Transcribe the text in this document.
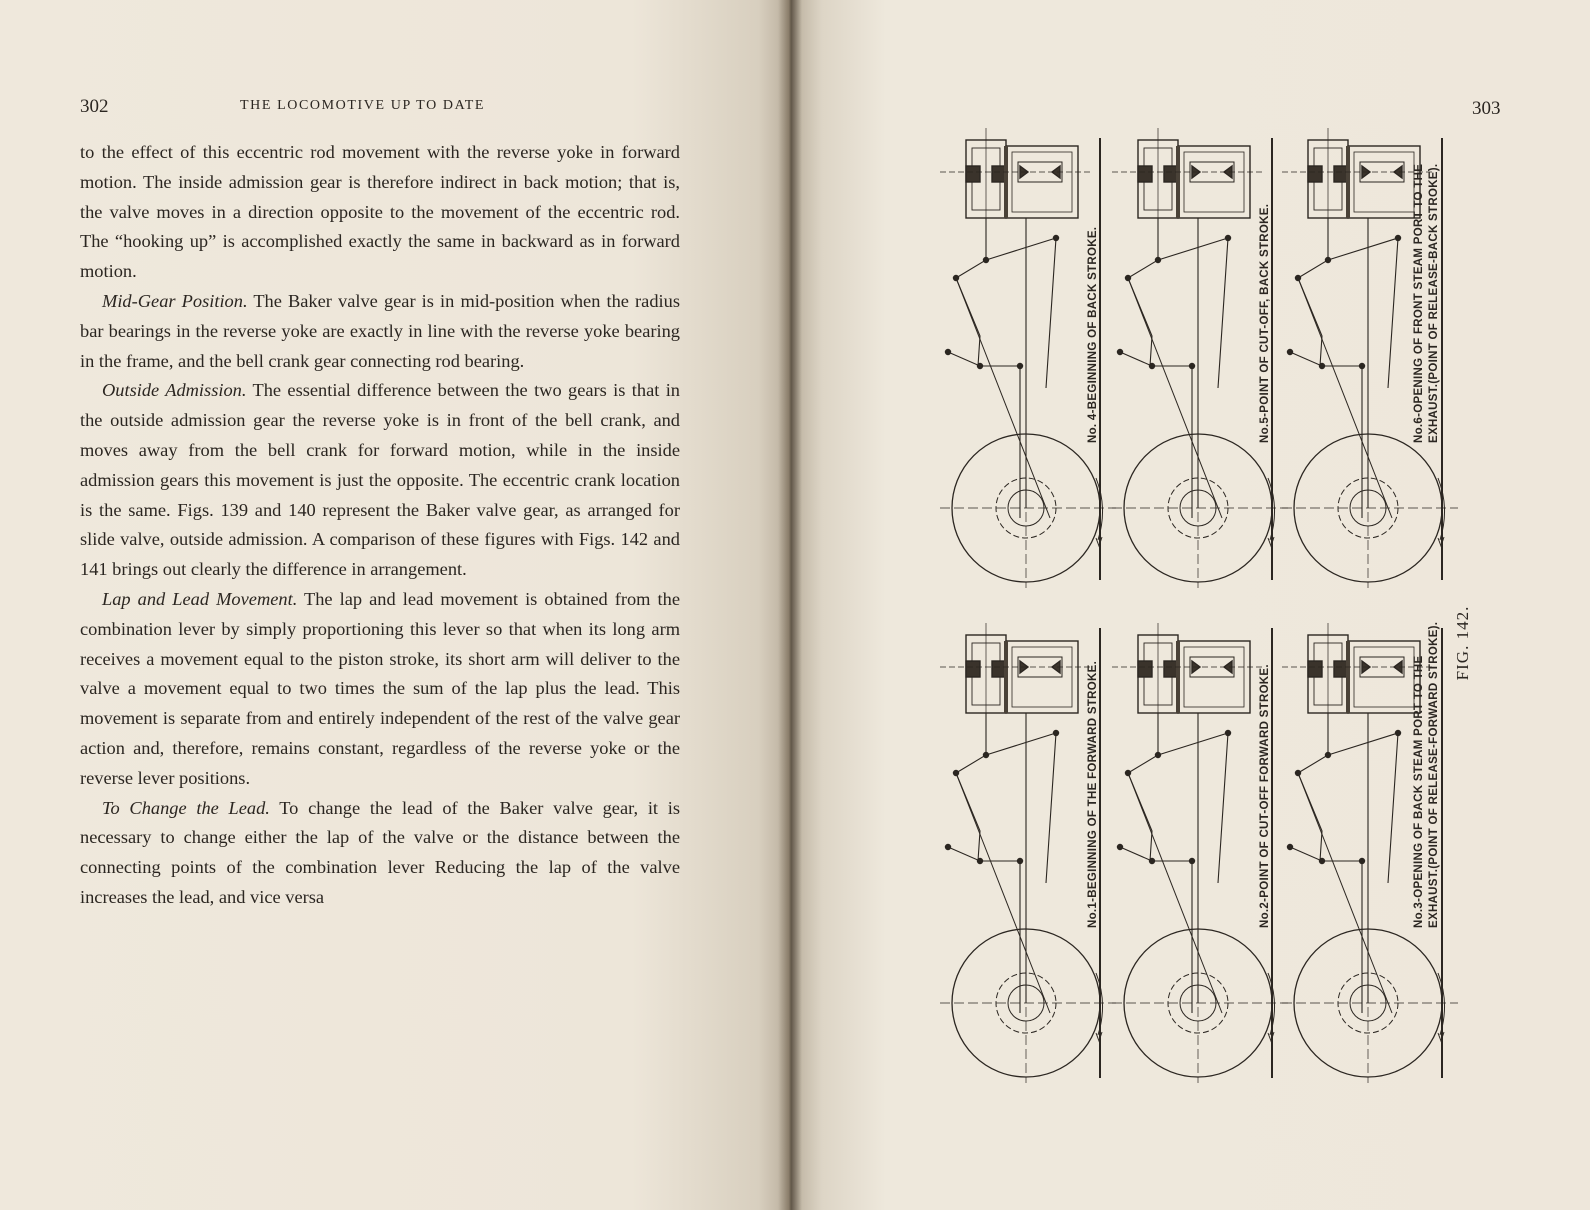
302	THE LOCOMOTIVE UP TO DATE

to the effect of this eccentric rod movement with the reverse yoke in forward motion. The inside admission gear is therefore indirect in back motion; that is, the valve moves in a direction opposite to the movement of the eccentric rod. The “hooking up” is accomplished exactly the same in backward as in forward motion.

Mid-Gear Position. The Baker valve gear is in mid-position when the radius bar bearings in the reverse yoke are exactly in line with the reverse yoke bearing in the frame, and the bell crank gear connecting rod bearing.

Outside Admission. The essential difference between the two gears is that in the outside admission gear the reverse yoke is in front of the bell crank, and moves away from the bell crank for forward motion, while in the inside admission gears this movement is just the opposite. The eccentric crank location is the same. Figs. 139 and 140 represent the Baker valve gear, as arranged for slide valve, outside admission. A comparison of these figures with Figs. 142 and 141 brings out clearly the difference in arrangement.

Lap and Lead Movement. The lap and lead movement is obtained from the combination lever by simply proportioning this lever so that when its long arm receives a movement equal to the piston stroke, its short arm will deliver to the valve a movement equal to two times the sum of the lap plus the lead. This movement is separate from and entirely independent of the rest of the valve gear action and, therefore, remains constant, regardless of the reverse yoke or the reverse lever positions.

To Change the Lead. To change the lead of the Baker valve gear, it is necessary to change either the lap of the valve or the distance between the connecting points of the combination lever Reducing the lap of the valve increases the lead, and vice versa

303
No. 4-BEGINNING OF BACK STROKE.	No.5-POINT OF CUT-OFF, BACK STROKE.	No.6-OPENING OF FRONT STEAM PORT TO THE EXHAUST.(POINT OF RELEASE-BACK STROKE).
No.1-BEGINNING OF THE FORWARD STROKE.	No.2-POINT OF CUT-OFF FORWARD STROKE.	No.3-OPENING OF BACK STEAM PORT TO THE EXHAUST.(POINT OF RELEASE-FORWARD STROKE). FIG. 142.
